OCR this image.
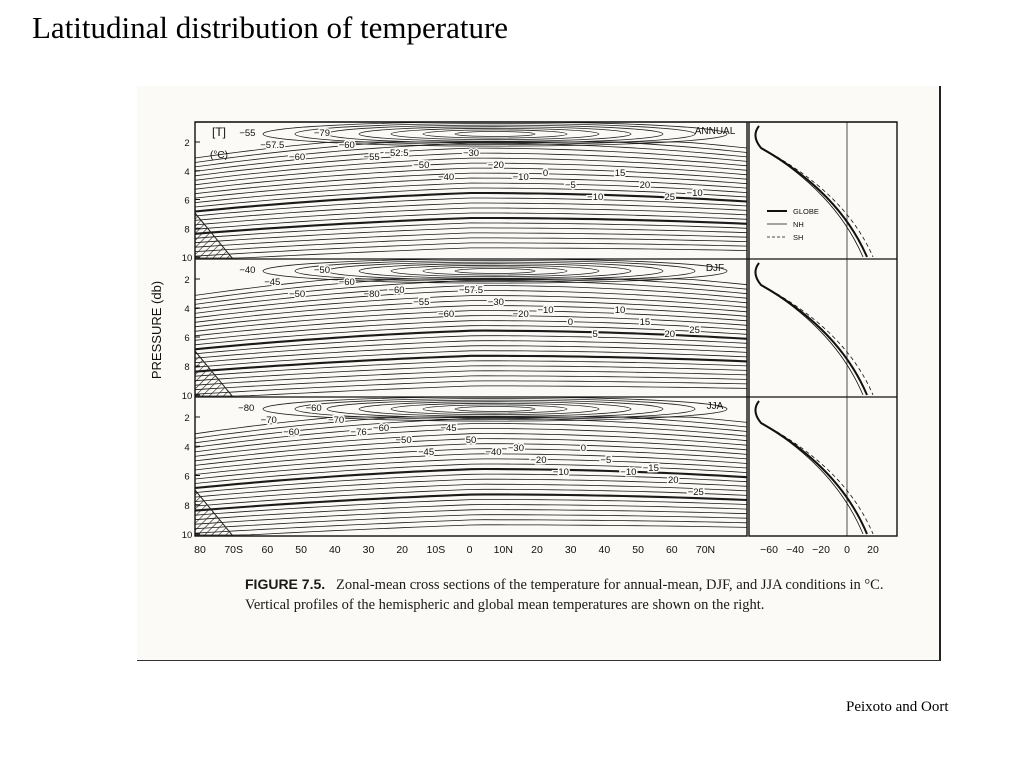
Latitudinal distribution of temperature
2
4
6
8
10
ANNUAL
−55
−57.5
−60
−79
−60
−55 −52.5
−50
−40
−30
−20
−10 0
−5
−10
15
20
25 −10
2
4
6
8
10
DJF
−40
−45
−50
−50
−60
−80 −60
−55
−60
−57.5
−30
−20 −10
0
5
10
15
20 25
2
4
6
8
10
JJA
−80
−70
−60
−60
−70
−76 −60
−50
−45
−45
50
−40 −30
−20
−10
0
−5
−10 −15
20
−25
[T]
(°C)
GLOBE
NH
SH
80 70S 60 50 40 30 20 10S 0 10N 20 30 40 50 60 70N	−60 −40 −20 0 20
PRESSURE (db)
FIGURE 7.5. Zonal-mean cross sections of the temperature for annual-mean, DJF, and JJA conditions in °C. Vertical profiles of the hemispheric and global mean temperatures are shown on the right.
Peixoto and Oort
